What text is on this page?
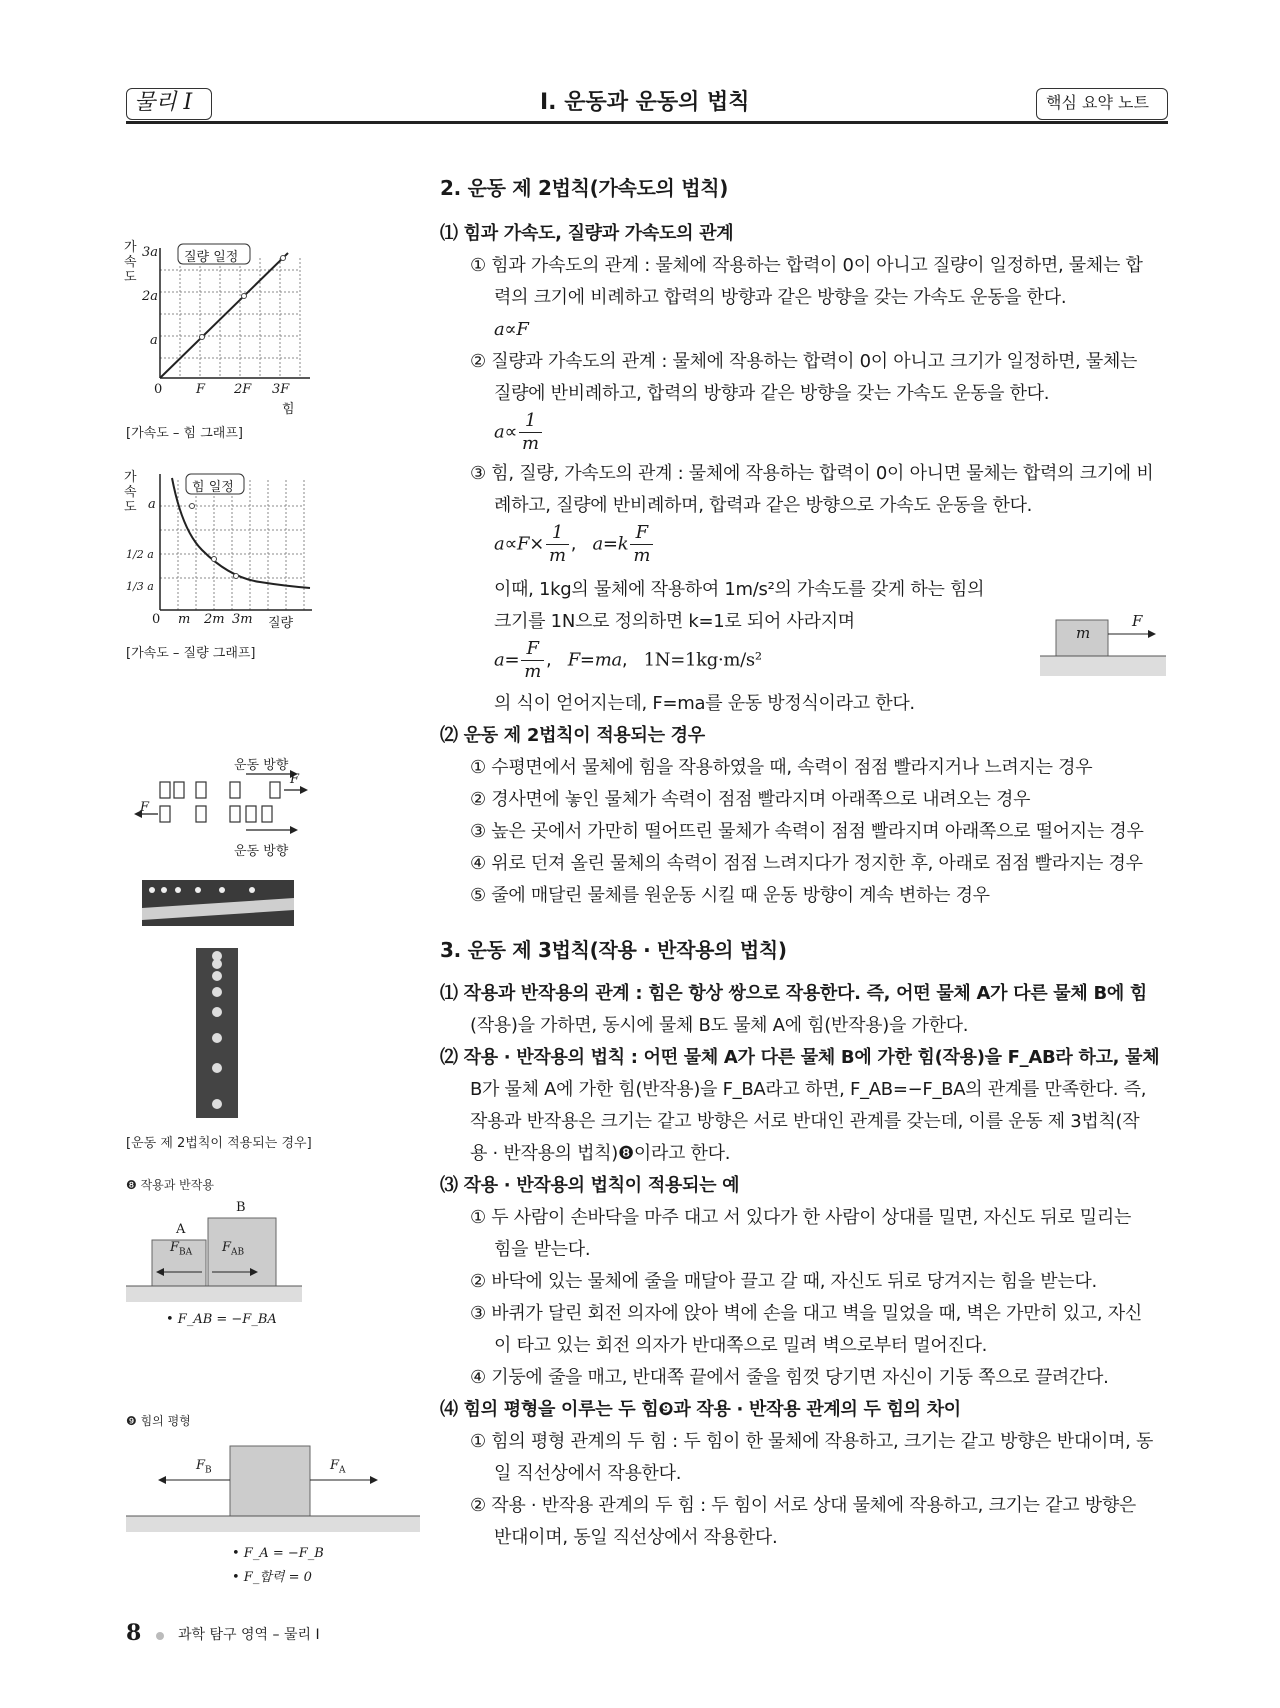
물리 Ⅰ	Ⅰ. 운동과 운동의 법칙	핵심 요약 노트
질량 일정
가속도
3a
2a
a
0	F 2F 3F
힘
[가속도 – 힘 그래프]
힘 일정
가속도 a
1/2 a
1/3 a
0 m 2m 3m 질량
[가속도 – 질량 그래프]
운동 방향
F
F
운동 방향
[운동 제 2법칙이 적용되는 경우]
❽ 작용과 반작용
B
A
$F_{BA}$ $F_{AB}$
• F_AB = −F_BA
❾ 힘의 평형
$F_B$	$F_A$
• F_A = −F_B
• F_합력 = 0

2. 운동 제 2법칙(가속도의 법칙)

⑴ 힘과 가속도, 질량과 가속도의 관계

① 힘과 가속도의 관계 : 물체에 작용하는 합력이 0이 아니고 질량이 일정하면, 물체는 합

력의 크기에 비례하고 합력의 방향과 같은 방향을 갖는 가속도 운동을 한다.

a∝F

② 질량과 가속도의 관계 : 물체에 작용하는 합력이 0이 아니고 크기가 일정하면, 물체는

질량에 반비례하고, 합력의 방향과 같은 방향을 갖는 가속도 운동을 한다.

$a\propto \frac{1}{m}$

③ 힘, 질량, 가속도의 관계 : 물체에 작용하는 합력이 0이 아니면 물체는 합력의 크기에 비

례하고, 질량에 반비례하며, 합력과 같은 방향으로 가속도 운동을 한다.

$a\propto F\times \frac{1}{m}$ ,   $a=k \frac{F}{m}$

이때, 1kg의 물체에 작용하여 1m/s²의 가속도를 갖게 하는 힘의

크기를 1N으로 정의하면 k=1로 되어 사라지며

$a= \frac{F}{m}$ ,   F=ma,   1N=1kg·m/s²

의 식이 얻어지는데, F=ma를 운동 방정식이라고 한다.

⑵ 운동 제 2법칙이 적용되는 경우

① 수평면에서 물체에 힘을 작용하였을 때, 속력이 점점 빨라지거나 느려지는 경우

② 경사면에 놓인 물체가 속력이 점점 빨라지며 아래쪽으로 내려오는 경우

③ 높은 곳에서 가만히 떨어뜨린 물체가 속력이 점점 빨라지며 아래쪽으로 떨어지는 경우

④ 위로 던져 올린 물체의 속력이 점점 느려지다가 정지한 후, 아래로 점점 빨라지는 경우

⑤ 줄에 매달린 물체를 원운동 시킬 때 운동 방향이 계속 변하는 경우

3. 운동 제 3법칙(작용 · 반작용의 법칙)

⑴ 작용과 반작용의 관계 : 힘은 항상 쌍으로 작용한다. 즉, 어떤 물체 A가 다른 물체 B에 힘

(작용)을 가하면, 동시에 물체 B도 물체 A에 힘(반작용)을 가한다.

⑵ 작용 · 반작용의 법칙 : 어떤 물체 A가 다른 물체 B에 가한 힘(작용)을 F_AB라 하고, 물체

B가 물체 A에 가한 힘(반작용)을 F_BA라고 하면, F_AB=−F_BA의 관계를 만족한다. 즉,

작용과 반작용은 크기는 같고 방향은 서로 반대인 관계를 갖는데, 이를 운동 제 3법칙(작

용 · 반작용의 법칙)❽이라고 한다.

⑶ 작용 · 반작용의 법칙이 적용되는 예

① 두 사람이 손바닥을 마주 대고 서 있다가 한 사람이 상대를 밀면, 자신도 뒤로 밀리는

힘을 받는다.

② 바닥에 있는 물체에 줄을 매달아 끌고 갈 때, 자신도 뒤로 당겨지는 힘을 받는다.

③ 바퀴가 달린 회전 의자에 앉아 벽에 손을 대고 벽을 밀었을 때, 벽은 가만히 있고, 자신

이 타고 있는 회전 의자가 반대쪽으로 밀려 벽으로부터 멀어진다.

④ 기둥에 줄을 매고, 반대쪽 끝에서 줄을 힘껏 당기면 자신이 기둥 쪽으로 끌려간다.

⑷ 힘의 평형을 이루는 두 힘❾과 작용 · 반작용 관계의 두 힘의 차이

① 힘의 평형 관계의 두 힘 : 두 힘이 한 물체에 작용하고, 크기는 같고 방향은 반대이며, 동

일 직선상에서 작용한다.

② 작용 · 반작용 관계의 두 힘 : 두 힘이 서로 상대 물체에 작용하고, 크기는 같고 방향은

반대이며, 동일 직선상에서 작용한다.

m
F
8	과학 탐구 영역 – 물리 Ⅰ
